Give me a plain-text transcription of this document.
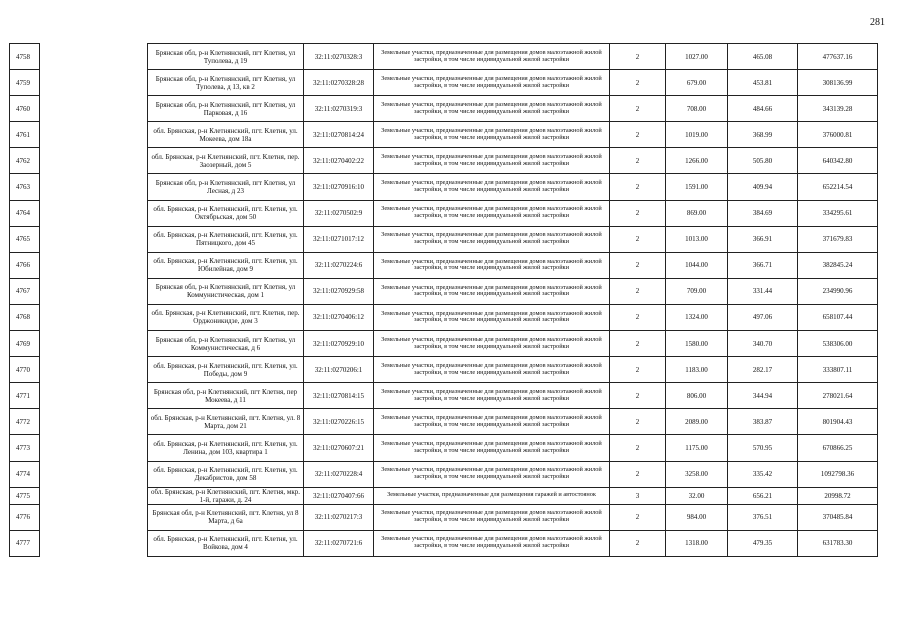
281
4758		Брянская обл, р-н Клетнянский, пгт Клетня, ул Туполева, д 19	32:11:0270328:3	Земельные участки, предназначенные для размещения домов малоэтажной жилой застройки, в том числе индивидуальной жилой застройки	2	1027.00	465.08	477637.16
4759		Брянская обл, р-н Клетнянский, пгт Клетня, ул Туполева, д 13, кв 2	32:11:0270328:28	Земельные участки, предназначенные для размещения домов малоэтажной жилой застройки, в том числе индивидуальной жилой застройки	2	679.00	453.81	308136.99
4760		Брянская обл, р-н Клетнянский, пгт Клетня, ул Парковая, д 16	32:11:0270319:3	Земельные участки, предназначенные для размещения домов малоэтажной жилой застройки, в том числе индивидуальной жилой застройки	2	708.00	484.66	343139.28
4761		обл. Брянская, р-н Клетнянский, пгт. Клетня, ул. Мокеева, дом 18а	32:11:0270814:24	Земельные участки, предназначенные для размещения домов малоэтажной жилой застройки, в том числе индивидуальной жилой застройки	2	1019.00	368.99	376000.81
4762		обл. Брянская, р-н Клетнянский, пгт. Клетня, пер. Заозерный, дом 5	32:11:0270402:22	Земельные участки, предназначенные для размещения домов малоэтажной жилой застройки, в том числе индивидуальной жилой застройки	2	1266.00	505.80	640342.80
4763		Брянская обл, р-н Клетнянский, пгт Клетня, ул Лесная, д 23	32:11:0270916:10	Земельные участки, предназначенные для размещения домов малоэтажной жилой застройки, в том числе индивидуальной жилой застройки	2	1591.00	409.94	652214.54
4764		обл. Брянская, р-н Клетнянский, пгт. Клетня, ул. Октябрьская, дом 50	32:11:0270502:9	Земельные участки, предназначенные для размещения домов малоэтажной жилой застройки, в том числе индивидуальной жилой застройки	2	869.00	384.69	334295.61
4765		обл. Брянская, р-н Клетнянский, пгт. Клетня, ул. Пятницкого, дом 45	32:11:0271017:12	Земельные участки, предназначенные для размещения домов малоэтажной жилой застройки, в том числе индивидуальной жилой застройки	2	1013.00	366.91	371679.83
4766		обл. Брянская, р-н Клетнянский, пгт. Клетня, ул. Юбилейная, дом 9	32:11:0270224:6	Земельные участки, предназначенные для размещения домов малоэтажной жилой застройки, в том числе индивидуальной жилой застройки	2	1044.00	366.71	382845.24
4767		Брянская обл, р-н Клетнянский, пгт Клетня, ул Коммунистическая, дом 1	32:11:0270929:58	Земельные участки, предназначенные для размещения домов малоэтажной жилой застройки, в том числе индивидуальной жилой застройки	2	709.00	331.44	234990.96
4768		обл. Брянская, р-н Клетнянский, пгт. Клетня, пер. Орджоникидзе, дом 3	32:11:0270406:12	Земельные участки, предназначенные для размещения домов малоэтажной жилой застройки, в том числе индивидуальной жилой застройки	2	1324.00	497.06	658107.44
4769		Брянская обл, р-н Клетнянский, пгт Клетня, ул Коммунистическая, д 6	32:11:0270929:10	Земельные участки, предназначенные для размещения домов малоэтажной жилой застройки, в том числе индивидуальной жилой застройки	2	1580.00	340.70	538306.00
4770		обл. Брянская, р-н Клетнянский, пгт. Клетня, ул. Победы, дом 9	32:11:0270206:1	Земельные участки, предназначенные для размещения домов малоэтажной жилой застройки, в том числе индивидуальной жилой застройки	2	1183.00	282.17	333807.11
4771		Брянская обл, р-н Клетнянский, пгт Клетня, пер Мокеева, д 11	32:11:0270814:15	Земельные участки, предназначенные для размещения домов малоэтажной жилой застройки, в том числе индивидуальной жилой застройки	2	806.00	344.94	278021.64
4772		обл. Брянская, р-н Клетнянский, пгт. Клетня, ул. 8 Марта, дом 21	32:11:0270226:15	Земельные участки, предназначенные для размещения домов малоэтажной жилой застройки, в том числе индивидуальной жилой застройки	2	2089.00	383.87	801904.43
4773		обл. Брянская, р-н Клетнянский, пгт. Клетня, ул. Ленина, дом 103, квартира 1	32:11:0270607:21	Земельные участки, предназначенные для размещения домов малоэтажной жилой застройки, в том числе индивидуальной жилой застройки	2	1175.00	570.95	670866.25
4774		обл. Брянская, р-н Клетнянский, пгт. Клетня, ул. Декабристов, дом 58	32:11:0270228:4	Земельные участки, предназначенные для размещения домов малоэтажной жилой застройки, в том числе индивидуальной жилой застройки	2	3258.00	335.42	1092798.36
4775		обл. Брянская, р-н Клетнянский, пгт. Клетня, мкр. 1-й, гаражи, д. 24	32:11:0270407:66	Земельные участки, предназначенные для размещения гаражей и автостоянок	3	32.00	656.21	20998.72
4776		Брянская обл, р-н Клетнянский, пгт. Клетня, ул 8 Марта, д 6а	32:11:0270217:3	Земельные участки, предназначенные для размещения домов малоэтажной жилой застройки, в том числе индивидуальной жилой застройки	2	984.00	376.51	370485.84
4777		обл. Брянская, р-н Клетнянский, пгт. Клетня, ул. Войкова, дом 4	32:11:0270721:6	Земельные участки, предназначенные для размещения домов малоэтажной жилой застройки, в том числе индивидуальной жилой застройки	2	1318.00	479.35	631783.30
